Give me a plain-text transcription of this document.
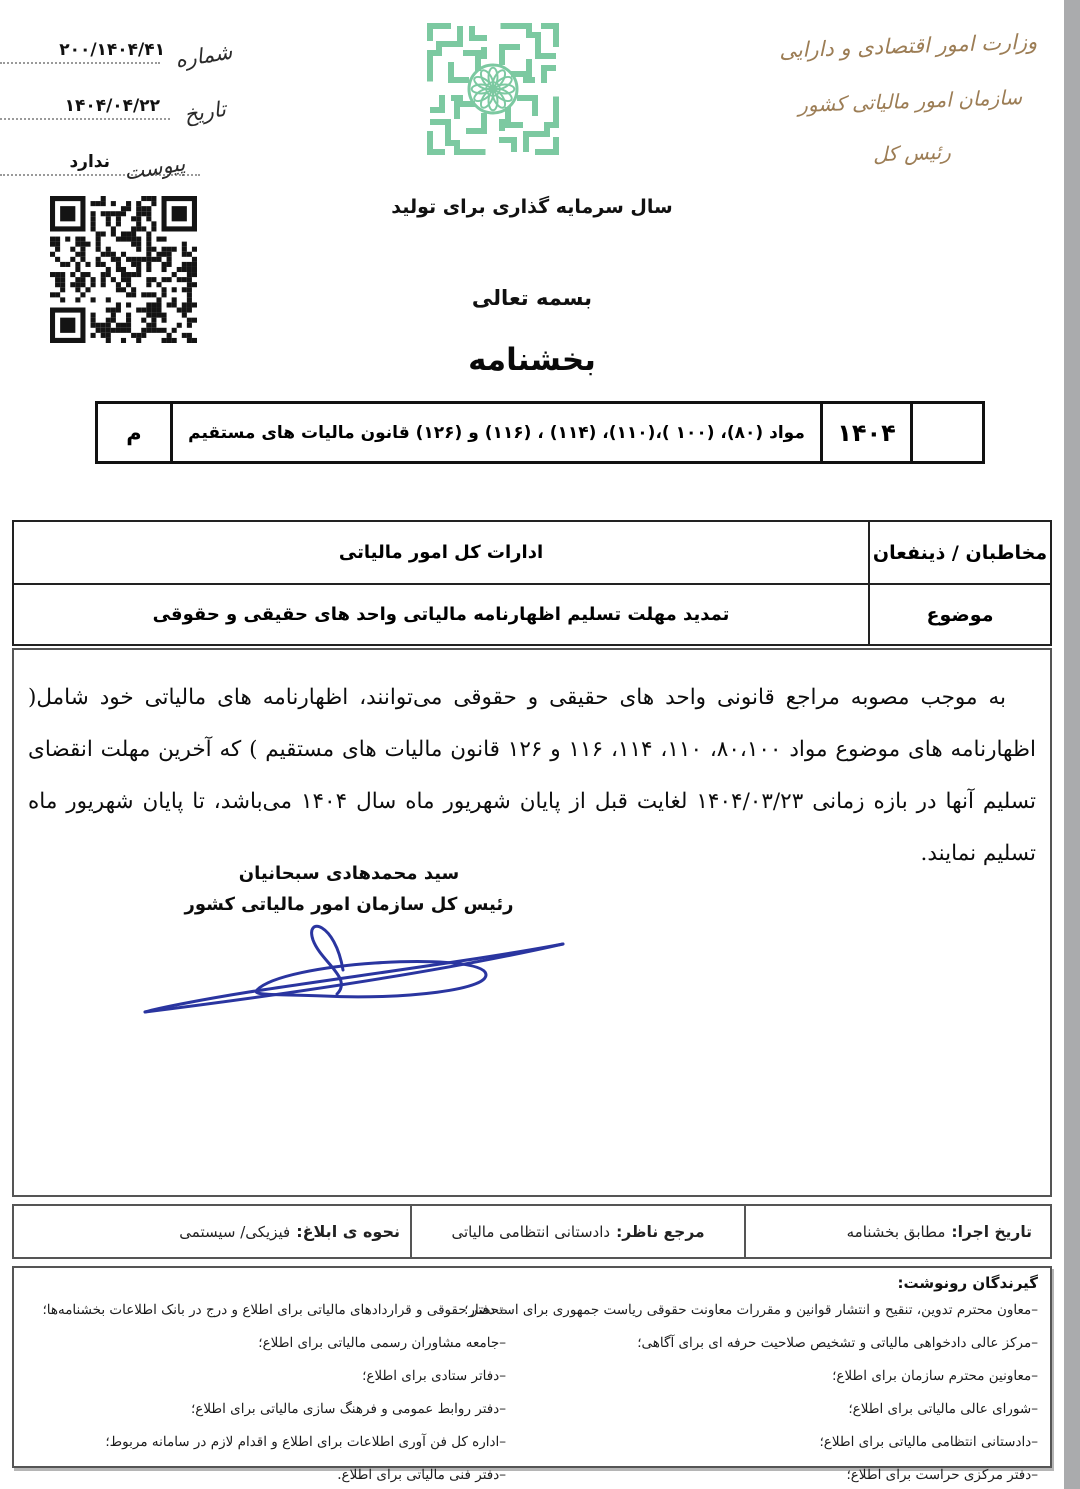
شماره
۲۰۰/۱۴۰۴/۴۱
تاریخ
۱۴۰۴/۰۴/۲۲
پیوست
ندارد
وزارت امور اقتصادی و دارایی
سازمان امور مالیاتی کشور
رئیس کل
سال سرمایه گذاری برای تولید
بسمه تعالی
بخشنامه
۱۴۰۴
مواد (۸۰)، (۱۰۰ )،(۱۱۰)، (۱۱۴) ، (۱۱۶) و (۱۲۶) قانون مالیات های مستقیم
م
مخاطبان / ذینفعان
ادارات کل امور مالیاتی
موضوع
تمدید مهلت تسلیم اظهارنامه مالیاتی واحد های حقیقی و حقوقی

به موجب مصوبه مراجع قانونی واحد های حقیقی و حقوقی می‌توانند، اظهارنامه های مالیاتی خود شامل( اظهارنامه های موضوع مواد ۸۰،۱۰۰، ۱۱۰، ۱۱۴، ۱۱۶ و ۱۲۶ قانون مالیات های مستقیم ) که آخرین مهلت انقضای تسلیم آنها در بازه زمانی ۱۴۰۴/۰۳/۲۳ لغایت قبل از پایان شهریور ماه سال ۱۴۰۴ می‌باشد، تا پایان شهریور ماه تسلیم نمایند.

سید محمدهادی سبحانیان
رئیس کل سازمان امور مالیاتی کشور
تاریخ اجرا:
مطابق بخشنامه
مرجع ناظر:
دادستانی انتظامی مالیاتی
نحوه ی ابلاغ:
فیزیکی/ سیستمی
گیرندگان رونوشت:
–معاون محترم تدوین، تنقیح و انتشار قوانین و مقررات معاونت حقوقی ریاست جمهوری برای استحضار؛
–مرکز عالی دادخواهی مالیاتی و تشخیص صلاحیت حرفه ای برای آگاهی؛
–معاونین محترم سازمان برای اطلاع؛
–شورای عالی مالیاتی برای اطلاع؛
–دادستانی انتظامی مالیاتی برای اطلاع؛
–دفتر مرکزی حراست برای اطلاع؛
– دفتر حقوقی و قراردادهای مالیاتی برای اطلاع و درج در بانک اطلاعات بخشنامه‌ها؛
–جامعه مشاوران رسمی مالیاتی برای اطلاع؛
–دفاتر ستادی برای اطلاع؛
–دفتر روابط عمومی و فرهنگ سازی مالیاتی برای اطلاع؛
–اداره کل فن آوری اطلاعات برای اطلاع و اقدام لازم در سامانه مربوط؛
–دفتر فنی مالیاتی برای اطلاع.
